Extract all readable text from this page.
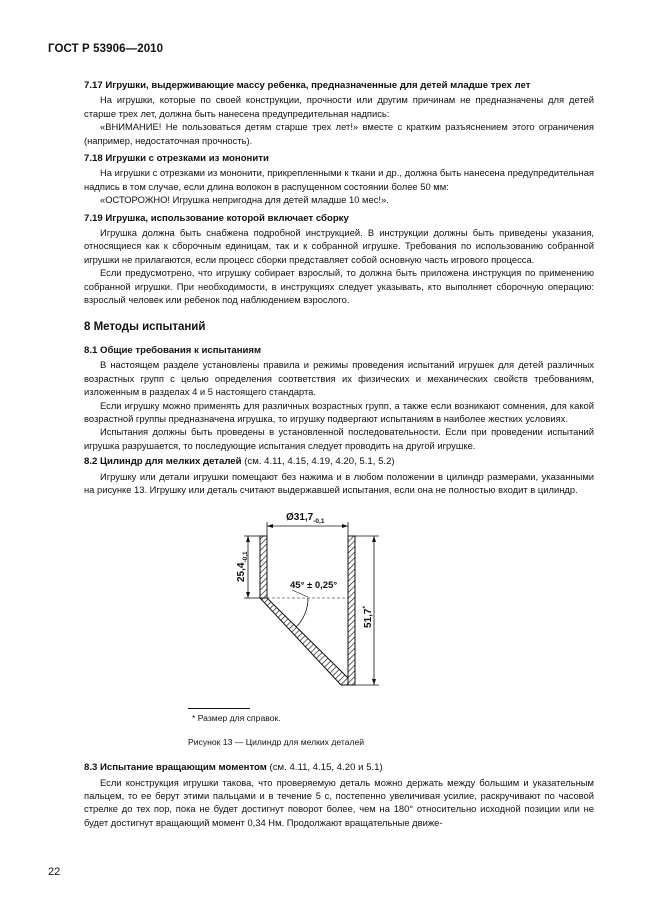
ГОСТ Р 53906—2010

7.17 Игрушки, выдерживающие массу ребенка, предназначенные для детей младше трех лет

На игрушки, которые по своей конструкции, прочности или другим причинам не предназначены для детей старше трех лет, должна быть нанесена предупредительная надпись:

«ВНИМАНИЕ! Не пользоваться детям старше трех лет!» вместе с кратким разъяснением этого ограничения (например, недостаточная прочность).

7.18 Игрушки с отрезками из мононити

На игрушки с отрезками из мононити, прикрепленными к ткани и др., должна быть нанесена предупредительная надпись в том случае, если длина волокон в распущенном состоянии более 50 мм:

«ОСТОРОЖНО! Игрушка непригодна для детей младше 10 мес!».

7.19 Игрушка, использование которой включает сборку

Игрушка должна быть снабжена подробной инструкцией. В инструкции должны быть приведены указания, относящиеся как к сборочным единицам, так и к собранной игрушке. Требования по использованию собранной игрушки не прилагаются, если процесс сборки представляет собой основную часть игрового процесса.

Если предусмотрено, что игрушку собирает взрослый, то должна быть приложена инструкция по применению собранной игрушки. При необходимости, в инструкциях следует указывать, кто выполняет сборочную операцию: взрослый человек или ребенок под наблюдением взрослого.

8 Методы испытаний

8.1 Общие требования к испытаниям

В настоящем разделе установлены правила и режимы проведения испытаний игрушек для детей различных возрастных групп с целью определения соответствия их физических и механических свойств требованиям, изложенным в разделах 4 и 5 настоящего стандарта.

Если игрушку можно применять для различных возрастных групп, а также если возникают сомнения, для какой возрастной группы предназначена игрушка, то игрушку подвергают испытаниям в наиболее жестких условиях.

Испытания должны быть проведены в установленной последовательности. Если при проведении испытаний игрушка разрушается, то последующие испытания следует проводить на другой игрушке.

8.2 Цилиндр для мелких деталей (см. 4.11, 4.15, 4.19, 4.20, 5.1, 5.2)

Игрушку или детали игрушки помещают без нажима и в любом положении в цилиндр размерами, указанными на рисунке 13. Игрушку или деталь считают выдержавшей испытания, если она не полностью входит в цилиндр.

$Ø31,7_{-0,1}$
$25,4_{-0,1}$
51,7*
45° ± 0,25°
* Размер для справок.
Рисунок 13 — Цилиндр для мелких деталей

8.3 Испытание вращающим моментом (см. 4.11, 4.15, 4.20 и 5.1)

Если конструкция игрушки такова, что проверяемую деталь можно держать между большим и указательным пальцем, то ее берут этими пальцами и в течение 5 с, постепенно увеличивая усилие, раскручивают по часовой стрелке до тех пор, пока не будет достигнут поворот более, чем на 180° относительно исходной позиции или не будет достигнут вращающий момент 0,34 Нм. Продолжают вращательные движе-

22
